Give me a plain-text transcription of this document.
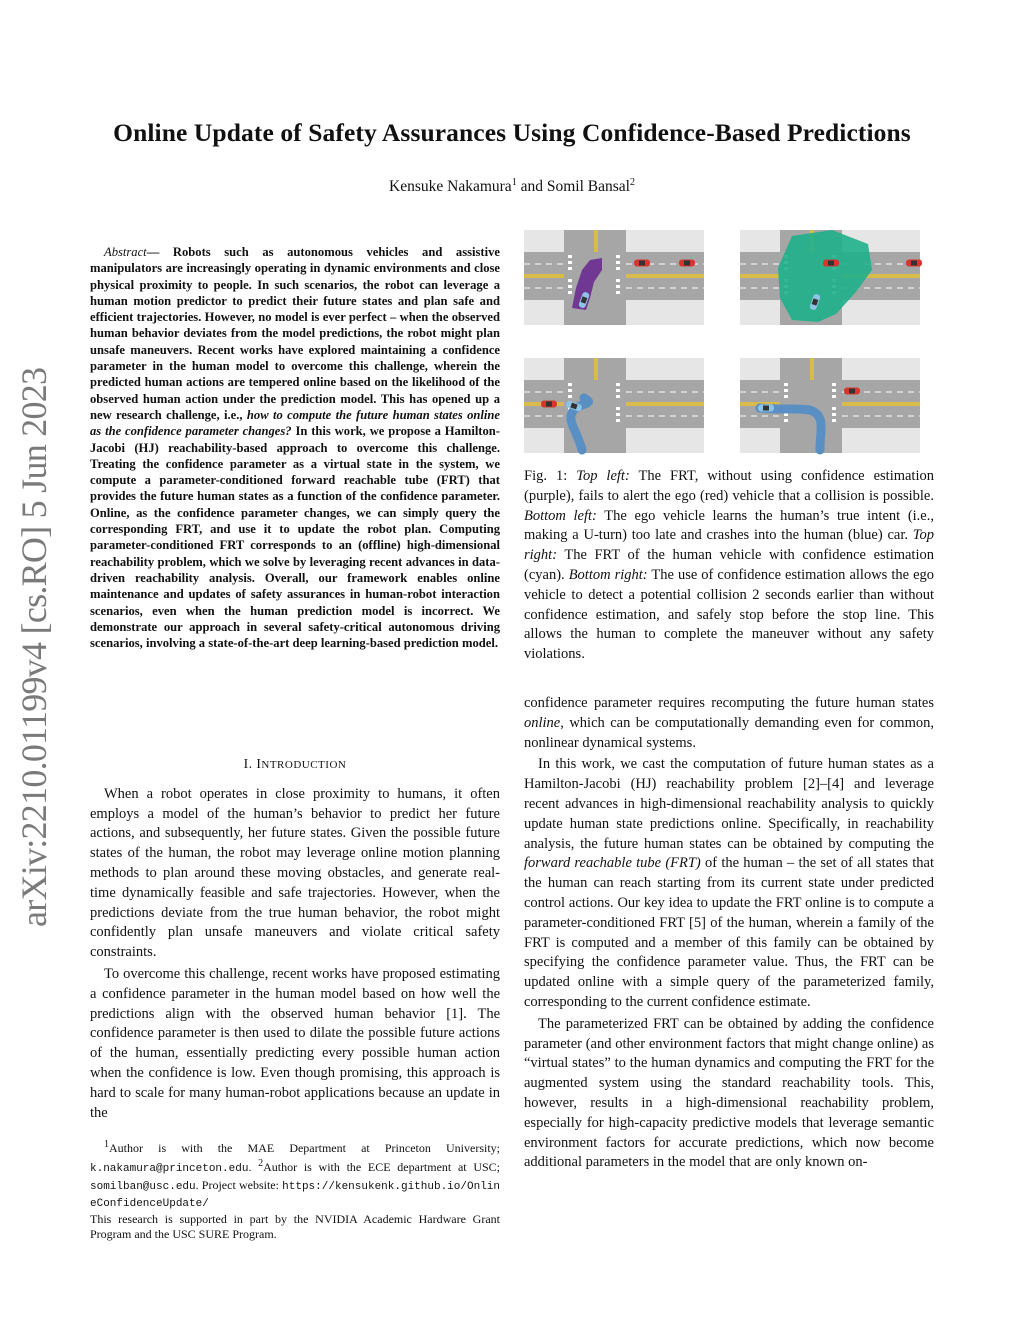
arXiv:2210.01199v4 [cs.RO] 5 Jun 2023
Online Update of Safety Assurances Using Confidence-Based Predictions
Kensuke Nakamura$^1$ and Somil Bansal$^2$
Abstract— Robots such as autonomous vehicles and assistive manipulators are increasingly operating in dynamic environments and close physical proximity to people. In such scenarios, the robot can leverage a human motion predictor to predict their future states and plan safe and efficient trajectories. However, no model is ever perfect – when the observed human behavior deviates from the model predictions, the robot might plan unsafe maneuvers. Recent works have explored maintaining a confidence parameter in the human model to overcome this challenge, wherein the predicted human actions are tempered online based on the likelihood of the observed human action under the prediction model. This has opened up a new research challenge, i.e., how to compute the future human states online as the confidence parameter changes? In this work, we propose a Hamilton-Jacobi (HJ) reachability-based approach to overcome this challenge. Treating the confidence parameter as a virtual state in the system, we compute a parameter-conditioned forward reachable tube (FRT) that provides the future human states as a function of the confidence parameter. Online, as the confidence parameter changes, we can simply query the corresponding FRT, and use it to update the robot plan. Computing parameter-conditioned FRT corresponds to an (offline) high-dimensional reachability problem, which we solve by leveraging recent advances in data-driven reachability analysis. Overall, our framework enables online maintenance and updates of safety assurances in human-robot interaction scenarios, even when the human prediction model is incorrect. We demonstrate our approach in several safety-critical autonomous driving scenarios, involving a state-of-the-art deep learning-based prediction model.

I. INTRODUCTION

When a robot operates in close proximity to humans, it often employs a model of the human’s behavior to predict her future actions, and subsequently, her future states. Given the possible future states of the human, the robot may leverage online motion planning methods to plan around these moving obstacles, and generate real-time dynamically feasible and safe trajectories. However, when the predictions deviate from the true human behavior, the robot might confidently plan unsafe maneuvers and violate critical safety constraints.

To overcome this challenge, recent works have proposed estimating a confidence parameter in the human model based on how well the predictions align with the observed human behavior [1]. The confidence parameter is then used to dilate the possible future actions of the human, essentially predicting every possible human action when the confidence is low. Even though promising, this approach is hard to scale for many human-robot applications because an update in the

$^1$Author is with the MAE Department at Princeton University; k.nakamura@princeton.edu. $^2$Author is with the ECE department at USC; somilban@usc.edu. Project website: https://kensukenk.github.io/OnlineConfidenceUpdate/
This research is supported in part by the NVIDIA Academic Hardware Grant Program and the USC SURE Program.
Fig. 1: Top left: The FRT, without using confidence estimation (purple), fails to alert the ego (red) vehicle that a collision is possible. Bottom left: The ego vehicle learns the human’s true intent (i.e., making a U-turn) too late and crashes into the human (blue) car. Top right: The FRT of the human vehicle with confidence estimation (cyan). Bottom right: The use of confidence estimation allows the ego vehicle to detect a potential collision 2 seconds earlier than without confidence estimation, and safely stop before the stop line. This allows the human to complete the maneuver without any safety violations.

confidence parameter requires recomputing the future human states online, which can be computationally demanding even for common, nonlinear dynamical systems.

In this work, we cast the computation of future human states as a Hamilton-Jacobi (HJ) reachability problem [2]–[4] and leverage recent advances in high-dimensional reachability analysis to quickly update human state predictions online. Specifically, in reachability analysis, the future human states can be obtained by computing the forward reachable tube (FRT) of the human – the set of all states that the human can reach starting from its current state under predicted control actions. Our key idea to update the FRT online is to compute a parameter-conditioned FRT [5] of the human, wherein a family of the FRT is computed and a member of this family can be obtained by specifying the confidence parameter value. Thus, the FRT can be updated online with a simple query of the parameterized family, corresponding to the current confidence estimate.

The parameterized FRT can be obtained by adding the confidence parameter (and other environment factors that might change online) as “virtual states” to the human dynamics and computing the FRT for the augmented system using the standard reachability tools. This, however, results in a high-dimensional reachability problem, especially for high-capacity predictive models that leverage semantic environment factors for accurate predictions, which now become additional parameters in the model that are only known on-
